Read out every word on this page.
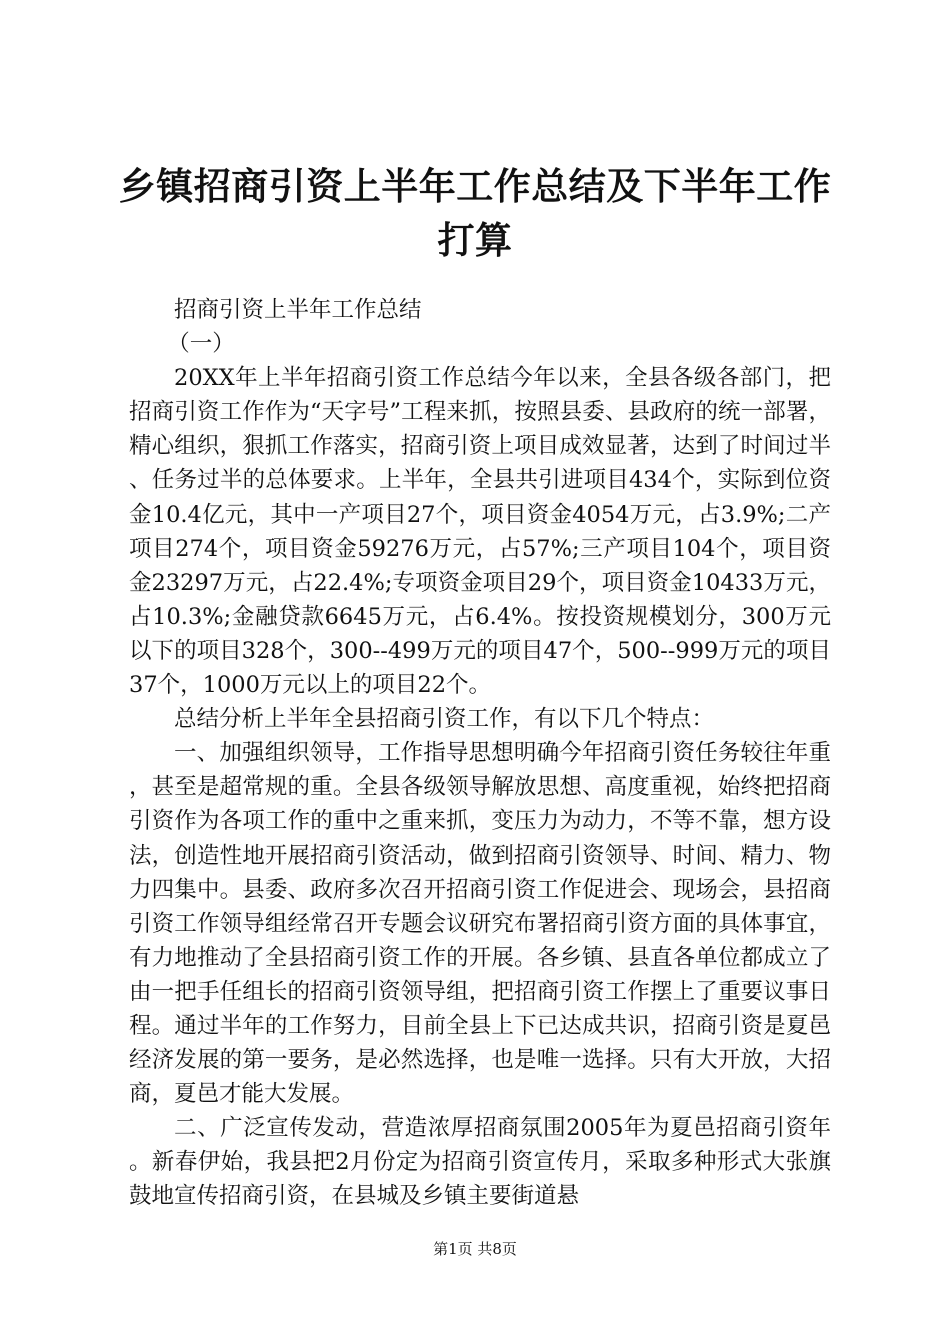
乡镇招商引资上半年工作总结及下半年工作打算

招商引资上半年工作总结

（一）

20XX年上半年招商引资工作总结今年以来，全县各级各部门，把招商引资工作作为“天字号”工程来抓，按照县委、县政府的统一部署，精心组织，狠抓工作落实，招商引资上项目成效显著，达到了时间过半、任务过半的总体要求。上半年，全县共引进项目434个，实际到位资金10.4亿元，其中一产项目27个，项目资金4054万元，占3.9%;二产项目274个，项目资金59276万元，占57%;三产项目104个，项目资金23297万元，占22.4%;专项资金项目29个，项目资金10433万元，占10.3%;金融贷款6645万元，占6.4%。按投资规模划分，300万元以下的项目328个，300--499万元的项目47个，500--999万元的项目37个，1000万元以上的项目22个。

总结分析上半年全县招商引资工作，有以下几个特点：

一、加强组织领导，工作指导思想明确今年招商引资任务较往年重，甚至是超常规的重。全县各级领导解放思想、高度重视，始终把招商引资作为各项工作的重中之重来抓，变压力为动力，不等不靠，想方设法，创造性地开展招商引资活动，做到招商引资领导、时间、精力、物力四集中。县委、政府多次召开招商引资工作促进会、现场会，县招商引资工作领导组经常召开专题会议研究布署招商引资方面的具体事宜，有力地推动了全县招商引资工作的开展。各乡镇、县直各单位都成立了由一把手任组长的招商引资领导组，把招商引资工作摆上了重要议事日程。通过半年的工作努力，目前全县上下已达成共识，招商引资是夏邑经济发展的第一要务，是必然选择，也是唯一选择。只有大开放，大招商，夏邑才能大发展。

二、广泛宣传发动，营造浓厚招商氛围2005年为夏邑招商引资年。新春伊始，我县把2月份定为招商引资宣传月，采取多种形式大张旗鼓地宣传招商引资，在县城及乡镇主要街道悬

第1页 共8页
